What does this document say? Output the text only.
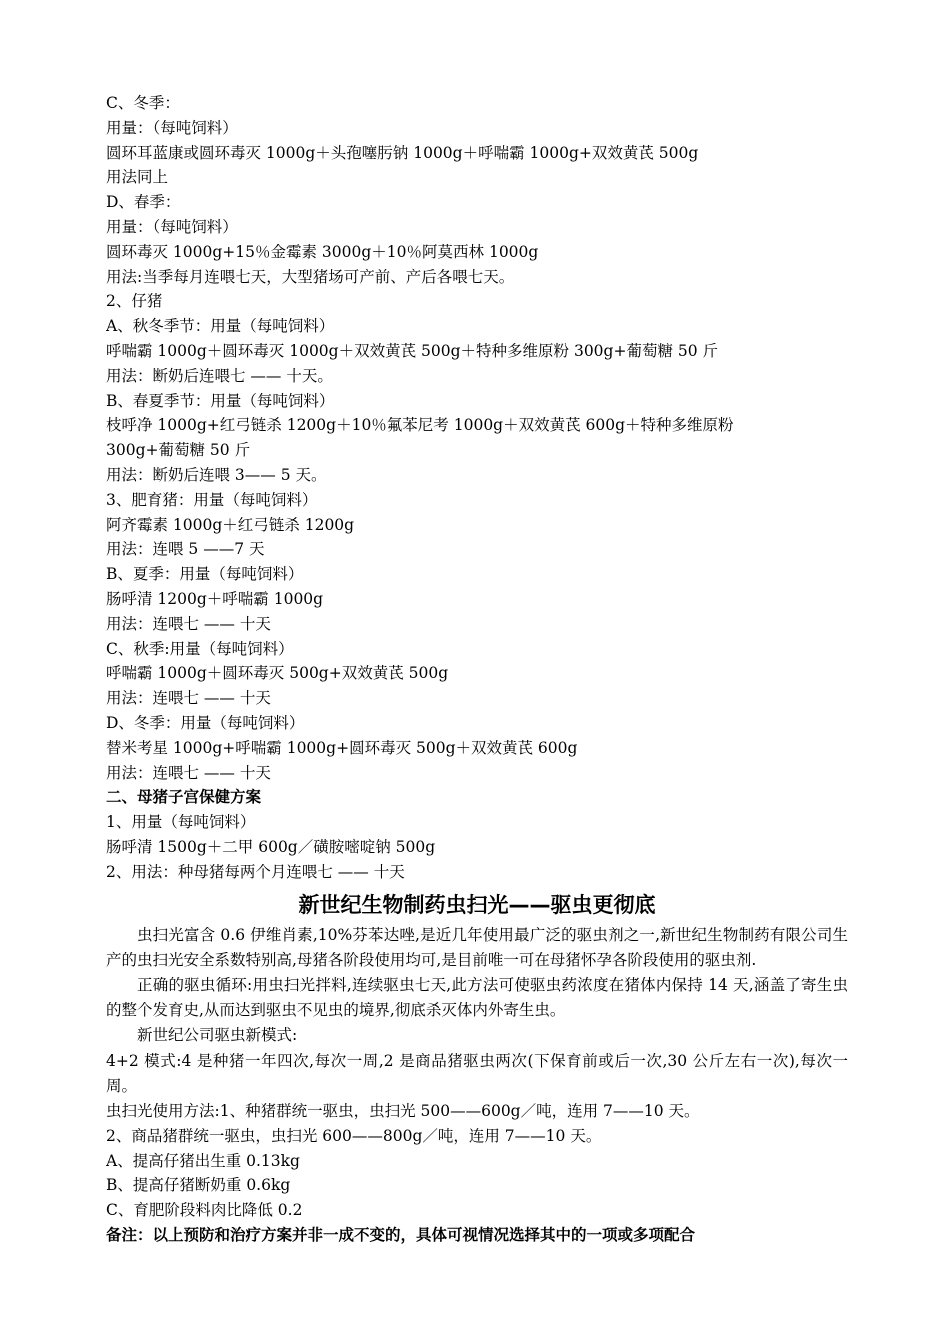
C、冬季：
用量：（每吨饲料）
圆环耳蓝康或圆环毒灭 1000g＋头孢噻肟钠 1000g＋呼喘霸 1000g+双效黄芪 500g
用法同上
D、春季：
用量：（每吨饲料）
圆环毒灭 1000g+15％金霉素 3000g＋10％阿莫西林 1000g
用法:当季每月连喂七天，大型猪场可产前、产后各喂七天。
2、仔猪
A、秋冬季节：用量（每吨饲料）
呼喘霸 1000g＋圆环毒灭 1000g＋双效黄芪 500g＋特种多维原粉 300g+葡萄糖 50 斤
用法：断奶后连喂七 —— 十天。
B、春夏季节：用量（每吨饲料）
枝呼净 1000g+红弓链杀 1200g＋10％氟苯尼考 1000g＋双效黄芪 600g＋特种多维原粉
300g+葡萄糖 50 斤
用法：断奶后连喂 3—— 5 天。
3、肥育猪：用量（每吨饲料）
阿齐霉素 1000g＋红弓链杀 1200g
用法：连喂 5 ——7 天
B、夏季：用量（每吨饲料）
肠呼清 1200g＋呼喘霸 1000g
用法：连喂七 —— 十天
C、秋季:用量（每吨饲料）
呼喘霸 1000g＋圆环毒灭 500g+双效黄芪 500g
用法：连喂七 —— 十天
D、冬季：用量（每吨饲料）
替米考星 1000g+呼喘霸 1000g+圆环毒灭 500g＋双效黄芪 600g
用法：连喂七 —— 十天
二、母猪子宫保健方案
1、用量（每吨饲料）
肠呼清 1500g＋二甲 600g／磺胺嘧啶钠 500g
2、用法：种母猪每两个月连喂七 —— 十天
新世纪生物制药虫扫光——驱虫更彻底
虫扫光富含 0.6 伊维肖素,10%芬苯达唑,是近几年使用最广泛的驱虫剂之一,新世纪生物制药有限公司生产的虫扫光安全系数特别高,母猪各阶段使用均可,是目前唯一可在母猪怀孕各阶段使用的驱虫剂.
正确的驱虫循环:用虫扫光拌料,连续驱虫七天,此方法可使驱虫药浓度在猪体内保持 14 天,涵盖了寄生虫的整个发育史,从而达到驱虫不见虫的境界,彻底杀灭体内外寄生虫。
新世纪公司驱虫新模式:
4+2 模式:4 是种猪一年四次,每次一周,2 是商品猪驱虫两次(下保育前或后一次,30 公斤左右一次),每次一周。
虫扫光使用方法:1、种猪群统一驱虫，虫扫光 500——600g／吨，连用 7——10 天。
2、商品猪群统一驱虫，虫扫光 600——800g／吨，连用 7——10 天。
A、提高仔猪出生重 0.13kg
B、提高仔猪断奶重 0.6kg
C、育肥阶段料肉比降低 0.2
备注：以上预防和治疗方案并非一成不变的，具体可视情况选择其中的一项或多项配合
